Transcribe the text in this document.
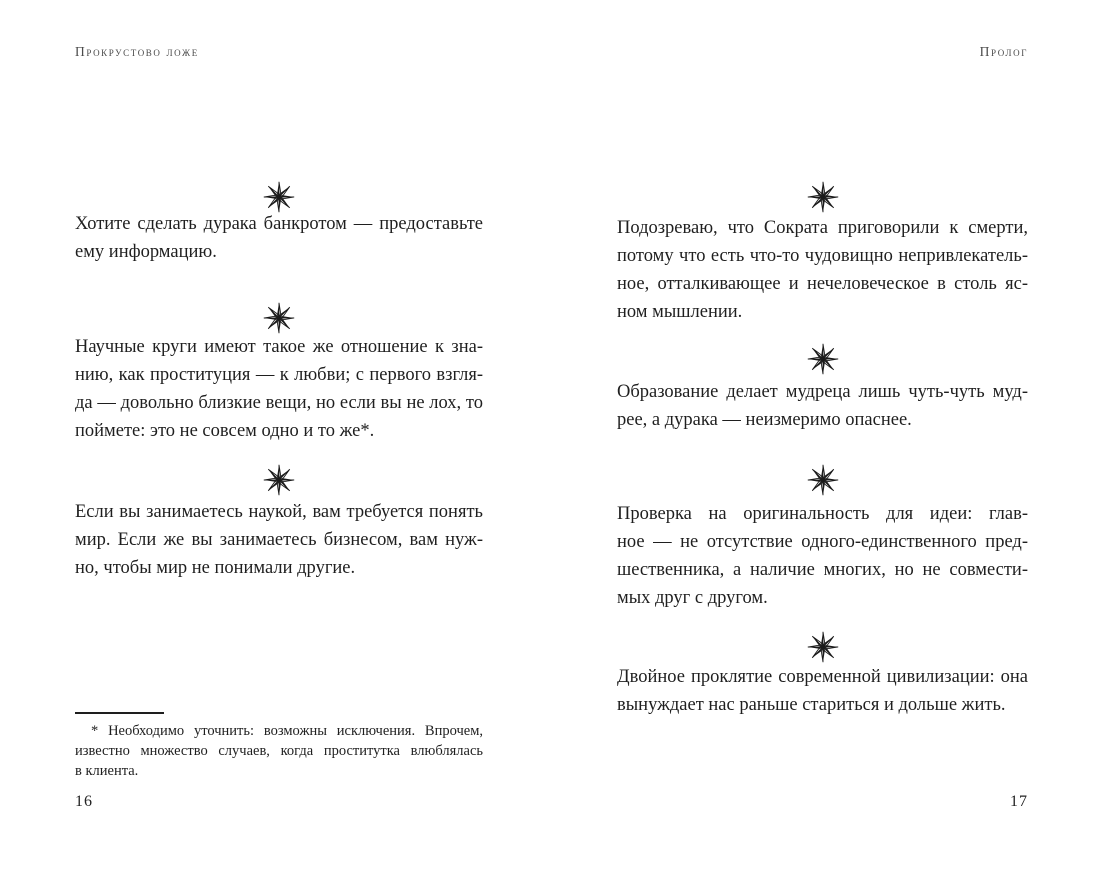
Прокрустово ложе
Хотите сделать дурака банкротом — предоставьте
ему информацию.
Научные круги имеют такое же отношение к зна-
нию, как проституция — к любви; с первого взгля-
да — довольно близкие вещи, но если вы не лох, то
поймете: это не совсем одно и то же*.
Если вы занимаетесь наукой, вам требуется понять
мир. Если же вы занимаетесь бизнесом, вам нуж-
но, чтобы мир не понимали другие.
* Необходимо уточнить: возможны исключения. Впрочем,
известно множество случаев, когда проститутка влюблялась
в клиента.
16
Пролог
Подозреваю, что Сократа приговорили к смерти,
потому что есть что-то чудовищно непривлекатель-
ное, отталкивающее и нечеловеческое в столь яс-
ном мышлении.
Образование делает мудреца лишь чуть-чуть муд-
рее, а дурака — неизмеримо опаснее.
Проверка на оригинальность для идеи: глав-
ное — не отсутствие одного-единственного пред-
шественника, а наличие многих, но не совмести-
мых друг с другом.
Двойное проклятие современной цивилизации: она
вынуждает нас раньше стариться и дольше жить.
17
